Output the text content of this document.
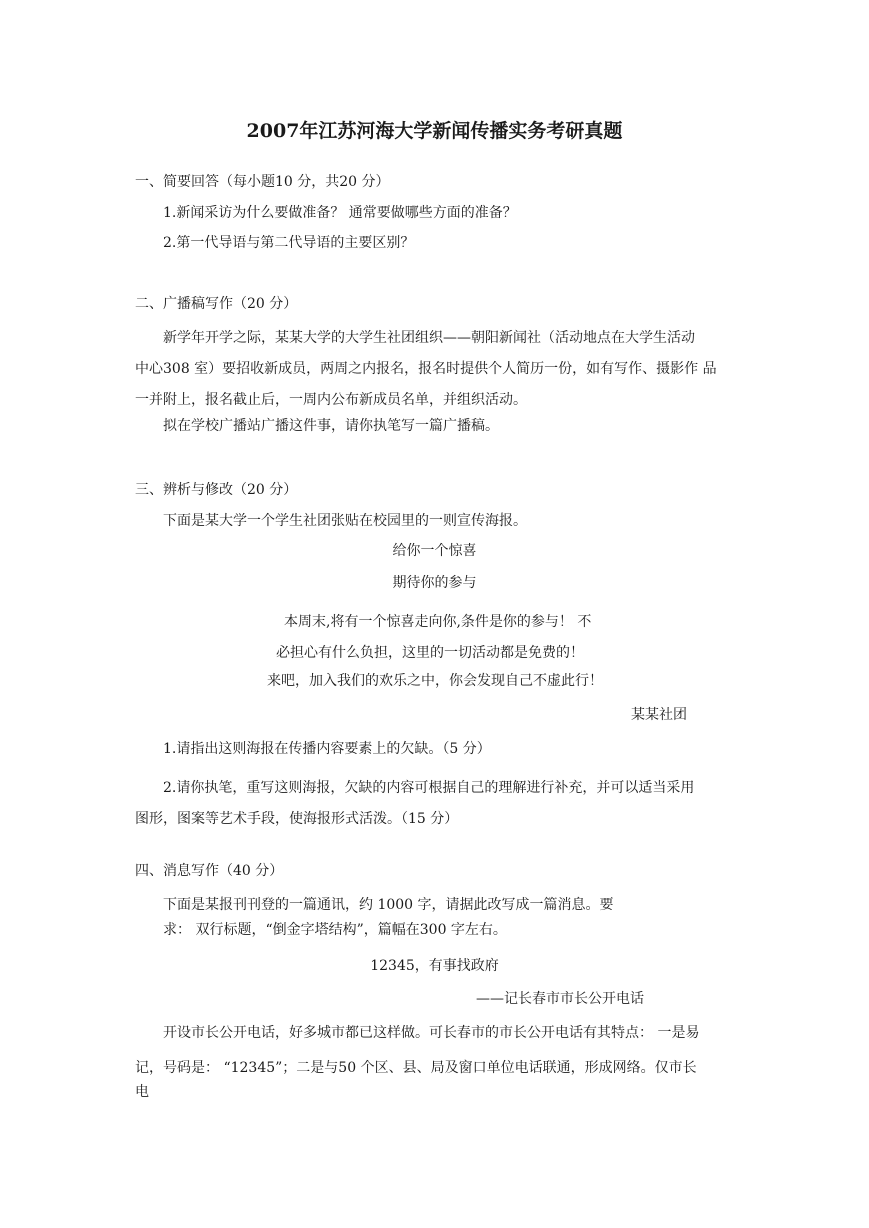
2007年江苏河海大学新闻传播实务考研真题
一、简要回答（每小题10 分，共20 分）
1.新闻采访为什么要做准备？ 通常要做哪些方面的准备？
2.第一代导语与第二代导语的主要区别？
二、广播稿写作（20 分）
新学年开学之际，某某大学的大学生社团组织——朝阳新闻社（活动地点在大学生活动
中心308 室）要招收新成员，两周之内报名，报名时提供个人简历一份，如有写作、摄影作 品
一并附上，报名截止后，一周内公布新成员名单，并组织活动。
拟在学校广播站广播这件事，请你执笔写一篇广播稿。
三、辨析与修改（20 分）
下面是某大学一个学生社团张贴在校园里的一则宣传海报。
给你一个惊喜
期待你的参与
本周末,将有一个惊喜走向你,条件是你的参与！ 不
必担心有什么负担，这里的一切活动都是免费的！
来吧，加入我们的欢乐之中，你会发现自己不虚此行！
某某社团
1.请指出这则海报在传播内容要素上的欠缺。（5 分）
2.请你执笔，重写这则海报，欠缺的内容可根据自己的理解进行补充，并可以适当采用
图形，图案等艺术手段，使海报形式活泼。（15 分）
四、消息写作（40 分）
下面是某报刊刊登的一篇通讯，约 1000 字，请据此改写成一篇消息。要
求： 双行标题，“倒金字塔结构”，篇幅在300 字左右。
12345，有事找政府
——记长春市市长公开电话
开设市长公开电话，好多城市都已这样做。可长春市的市长公开电话有其特点： 一是易
记，号码是： “12345”；二是与50 个区、县、局及窗口单位电话联通，形成网络。仅市长
电
